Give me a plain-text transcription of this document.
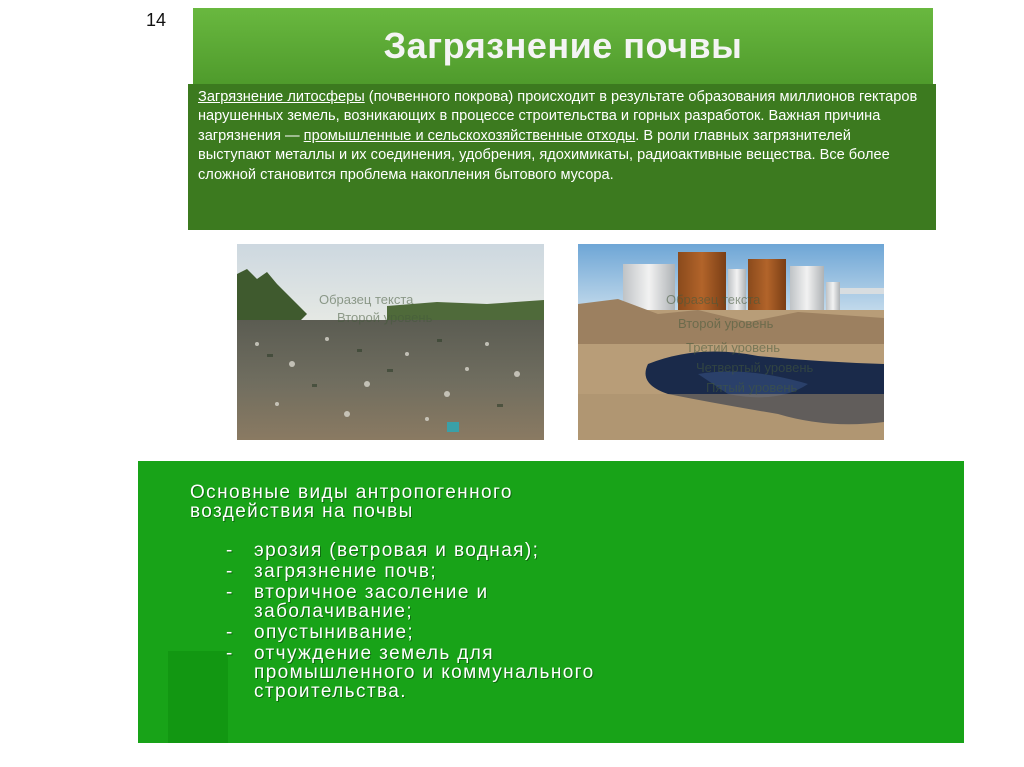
14
Загрязнение почвы
Загрязнение литосферы (почвенного покрова) происходит в результате образования миллионов гектаров нарушенных земель, возникающих в процессе строительства и горных разработок. Важная причина загрязнения — промышленные и сельскохозяйственные отходы. В роли главных загрязнителей выступают металлы и их соединения, удобрения, ядохимикаты, радиоактивные вещества. Все более сложной становится проблема накопления бытового мусора.
Образец текста
Второй уровень
Образец текста
Второй уровень
Третий уровень
Четвертый уровень
Пятый уровень
Основные виды антропогенного
воздействия на почвы
- эрозия (ветровая и водная);
- загрязнение почв;
- вторичное засоление и
заболачивание;
- опустынивание;
- отчуждение земель для
промышленного и коммунального
строительства.
